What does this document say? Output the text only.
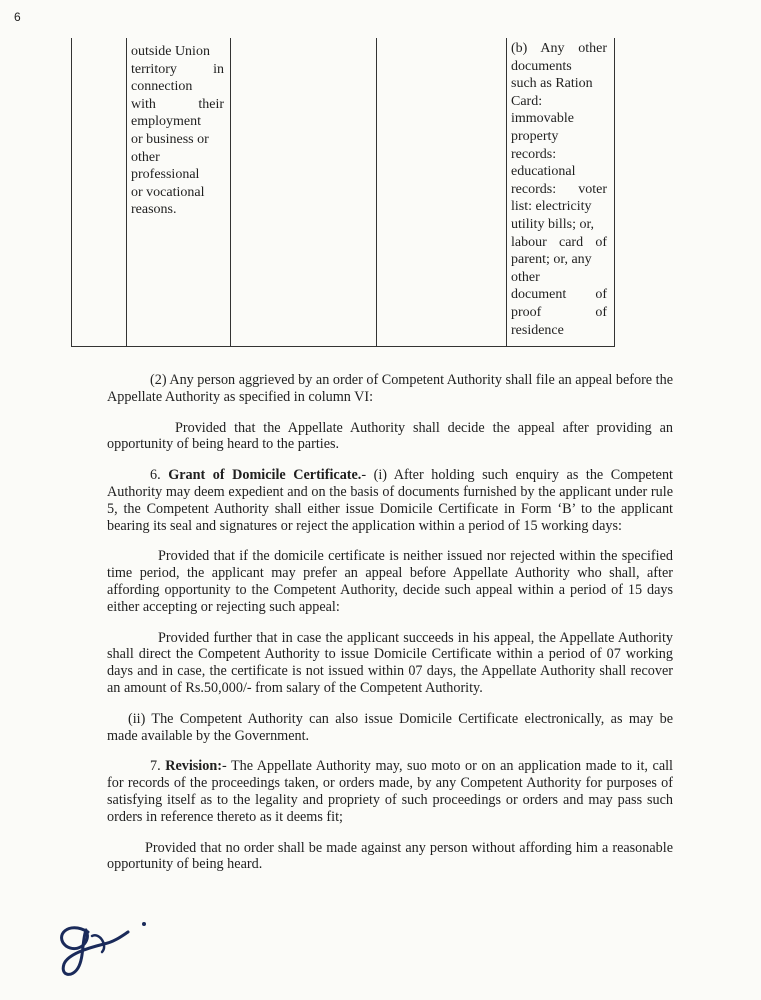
6
outside Union
territory in
connection
with their
employment
or business or
other
professional
or vocational
reasons.
(b) Any other
documents
such as Ration
Card:
immovable
property
records:
educational
records: voter
list: electricity
utility bills; or,
labour card of
parent; or, any
other
document of
proof of
residence

(2) Any person aggrieved by an order of Competent Authority shall file an appeal before the Appellate Authority as specified in column VI:

Provided that the Appellate Authority shall decide the appeal after providing an opportunity of being heard to the parties.

6. Grant of Domicile Certificate.- (i) After holding such enquiry as the Competent Authority may deem expedient and on the basis of documents furnished by the applicant under rule 5, the Competent Authority shall either issue Domicile Certificate in Form ‘B’ to the applicant bearing its seal and signatures or reject the application within a period of 15 working days:

Provided that if the domicile certificate is neither issued nor rejected within the specified time period, the applicant may prefer an appeal before Appellate Authority who shall, after affording opportunity to the Competent Authority, decide such appeal within a period of 15 days either accepting or rejecting such appeal:

Provided further that in case the applicant succeeds in his appeal, the Appellate Authority shall direct the Competent Authority to issue Domicile Certificate within a period of 07 working days and in case, the certificate is not issued within 07 days, the Appellate Authority shall recover an amount of Rs.50,000/- from salary of the Competent Authority.

(ii) The Competent Authority can also issue Domicile Certificate electronically, as may be made available by the Government.

7. Revision:- The Appellate Authority may, suo moto or on an application made to it, call for records of the proceedings taken, or orders made, by any Competent Authority for purposes of satisfying itself as to the legality and propriety of such proceedings or orders and may pass such orders in reference thereto as it deems fit;

Provided that no order shall be made against any person without affording him a reasonable opportunity of being heard.
